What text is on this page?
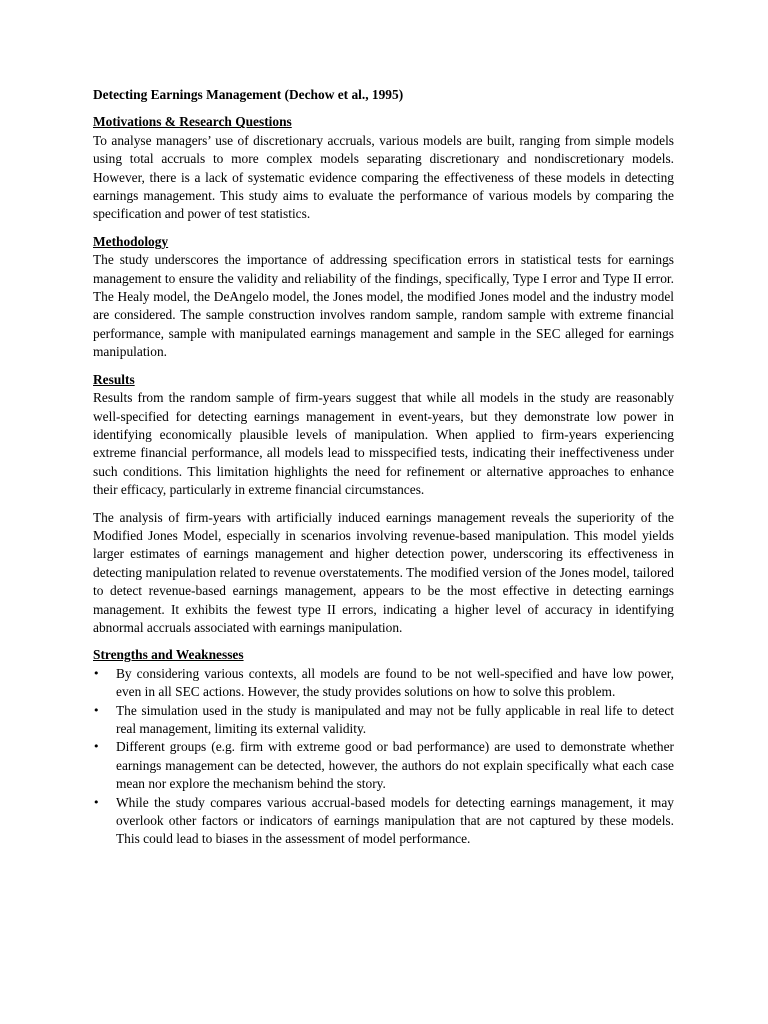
Detecting Earnings Management (Dechow et al., 1995)

Motivations & Research Questions

To analyse managers’ use of discretionary accruals, various models are built, ranging from simple models using total accruals to more complex models separating discretionary and nondiscretionary models. However, there is a lack of systematic evidence comparing the effectiveness of these models in detecting earnings management. This study aims to evaluate the performance of various models by comparing the specification and power of test statistics.

Methodology

The study underscores the importance of addressing specification errors in statistical tests for earnings management to ensure the validity and reliability of the findings, specifically, Type I error and Type II error. The Healy model, the DeAngelo model, the Jones model, the modified Jones model and the industry model are considered. The sample construction involves random sample, random sample with extreme financial performance, sample with manipulated earnings management and sample in the SEC alleged for earnings manipulation.

Results

Results from the random sample of firm-years suggest that while all models in the study are reasonably well-specified for detecting earnings management in event-years, but they demonstrate low power in identifying economically plausible levels of manipulation. When applied to firm-years experiencing extreme financial performance, all models lead to misspecified tests, indicating their ineffectiveness under such conditions. This limitation highlights the need for refinement or alternative approaches to enhance their efficacy, particularly in extreme financial circumstances.

The analysis of firm-years with artificially induced earnings management reveals the superiority of the Modified Jones Model, especially in scenarios involving revenue-based manipulation. This model yields larger estimates of earnings management and higher detection power, underscoring its effectiveness in detecting manipulation related to revenue overstatements. The modified version of the Jones model, tailored to detect revenue-based earnings management, appears to be the most effective in detecting earnings management. It exhibits the fewest type II errors, indicating a higher level of accuracy in identifying abnormal accruals associated with earnings manipulation.

Strengths and Weaknesses

• By considering various contexts, all models are found to be not well-specified and have low power, even in all SEC actions. However, the study provides solutions on how to solve this problem.
• The simulation used in the study is manipulated and may not be fully applicable in real life to detect real management, limiting its external validity.
• Different groups (e.g. firm with extreme good or bad performance) are used to demonstrate whether earnings management can be detected, however, the authors do not explain specifically what each case mean nor explore the mechanism behind the story.
• While the study compares various accrual-based models for detecting earnings management, it may overlook other factors or indicators of earnings manipulation that are not captured by these models. This could lead to biases in the assessment of model performance.
